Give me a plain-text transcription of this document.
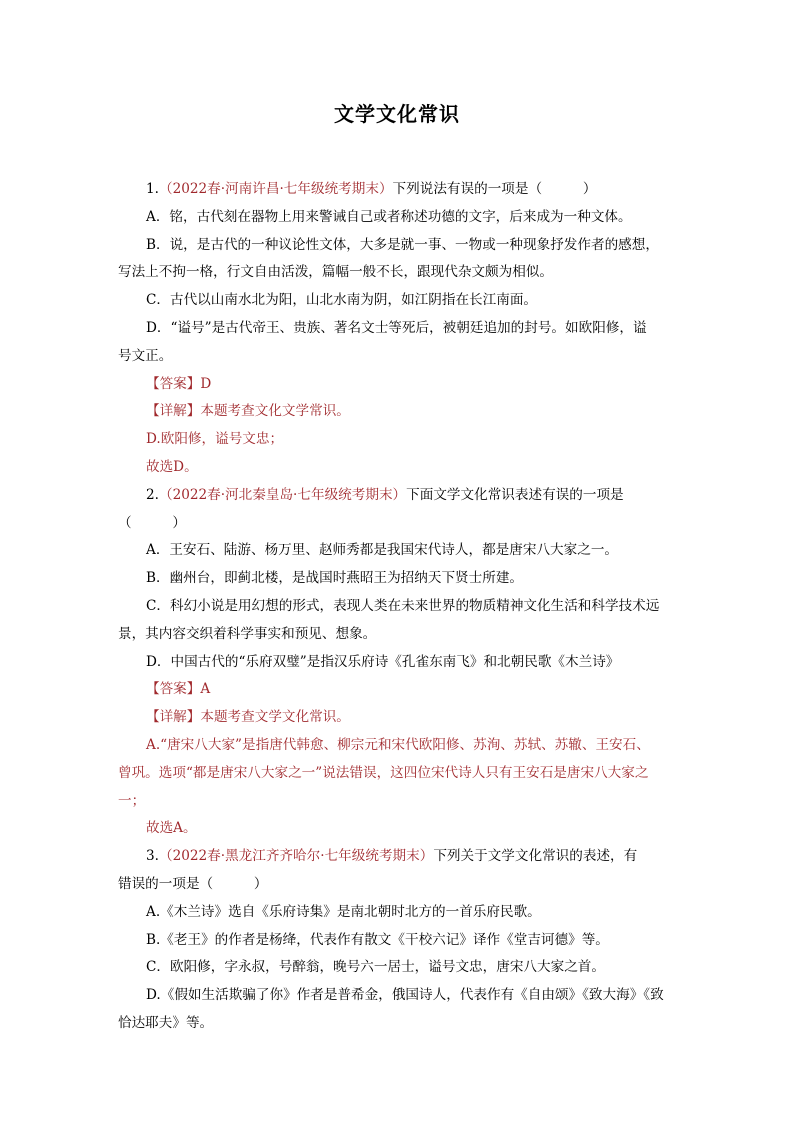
文学文化常识
1.（2022春·河南许昌·七年级统考期末）下列说法有误的一项是（　　　）
A．铭，古代刻在器物上用来警诫自己或者称述功德的文字，后来成为一种文体。
B．说，是古代的一种议论性文体，大多是就一事、一物或一种现象抒发作者的感想，
写法上不拘一格，行文自由活泼，篇幅一般不长，跟现代杂文颇为相似。
C．古代以山南水北为阳，山北水南为阴，如江阴指在长江南面。
D．“谥号”是古代帝王、贵族、著名文士等死后，被朝廷追加的封号。如欧阳修，谥
号文正。
【答案】D
【详解】本题考查文化文学常识。
D.欧阳修，谥号文忠；
故选D。
2.（2022春·河北秦皇岛·七年级统考期末）下面文学文化常识表述有误的一项是
（　　　）
A．王安石、陆游、杨万里、赵师秀都是我国宋代诗人，都是唐宋八大家之一。
B．幽州台，即蓟北楼，是战国时燕昭王为招纳天下贤士所建。
C．科幻小说是用幻想的形式，表现人类在未来世界的物质精神文化生活和科学技术远
景，其内容交织着科学事实和预见、想象。
D．中国古代的“乐府双璧”是指汉乐府诗《孔雀东南飞》和北朝民歌《木兰诗》
【答案】A
【详解】本题考查文学文化常识。
A.“唐宋八大家”是指唐代韩愈、柳宗元和宋代欧阳修、苏洵、苏轼、苏辙、王安石、
曾巩。选项“都是唐宋八大家之一”说法错误，这四位宋代诗人只有王安石是唐宋八大家之
一；
故选A。
3.（2022春·黑龙江齐齐哈尔·七年级统考期末）下列关于文学文化常识的表述，有
错误的一项是（　　　）
A.《木兰诗》选自《乐府诗集》是南北朝时北方的一首乐府民歌。
B.《老王》的作者是杨绛，代表作有散文《干校六记》译作《堂吉诃德》等。
C．欧阳修，字永叔，号醉翁，晚号六一居士，谥号文忠，唐宋八大家之首。
D.《假如生活欺骗了你》作者是普希金，俄国诗人，代表作有《自由颂》《致大海》《致
恰达耶夫》等。
